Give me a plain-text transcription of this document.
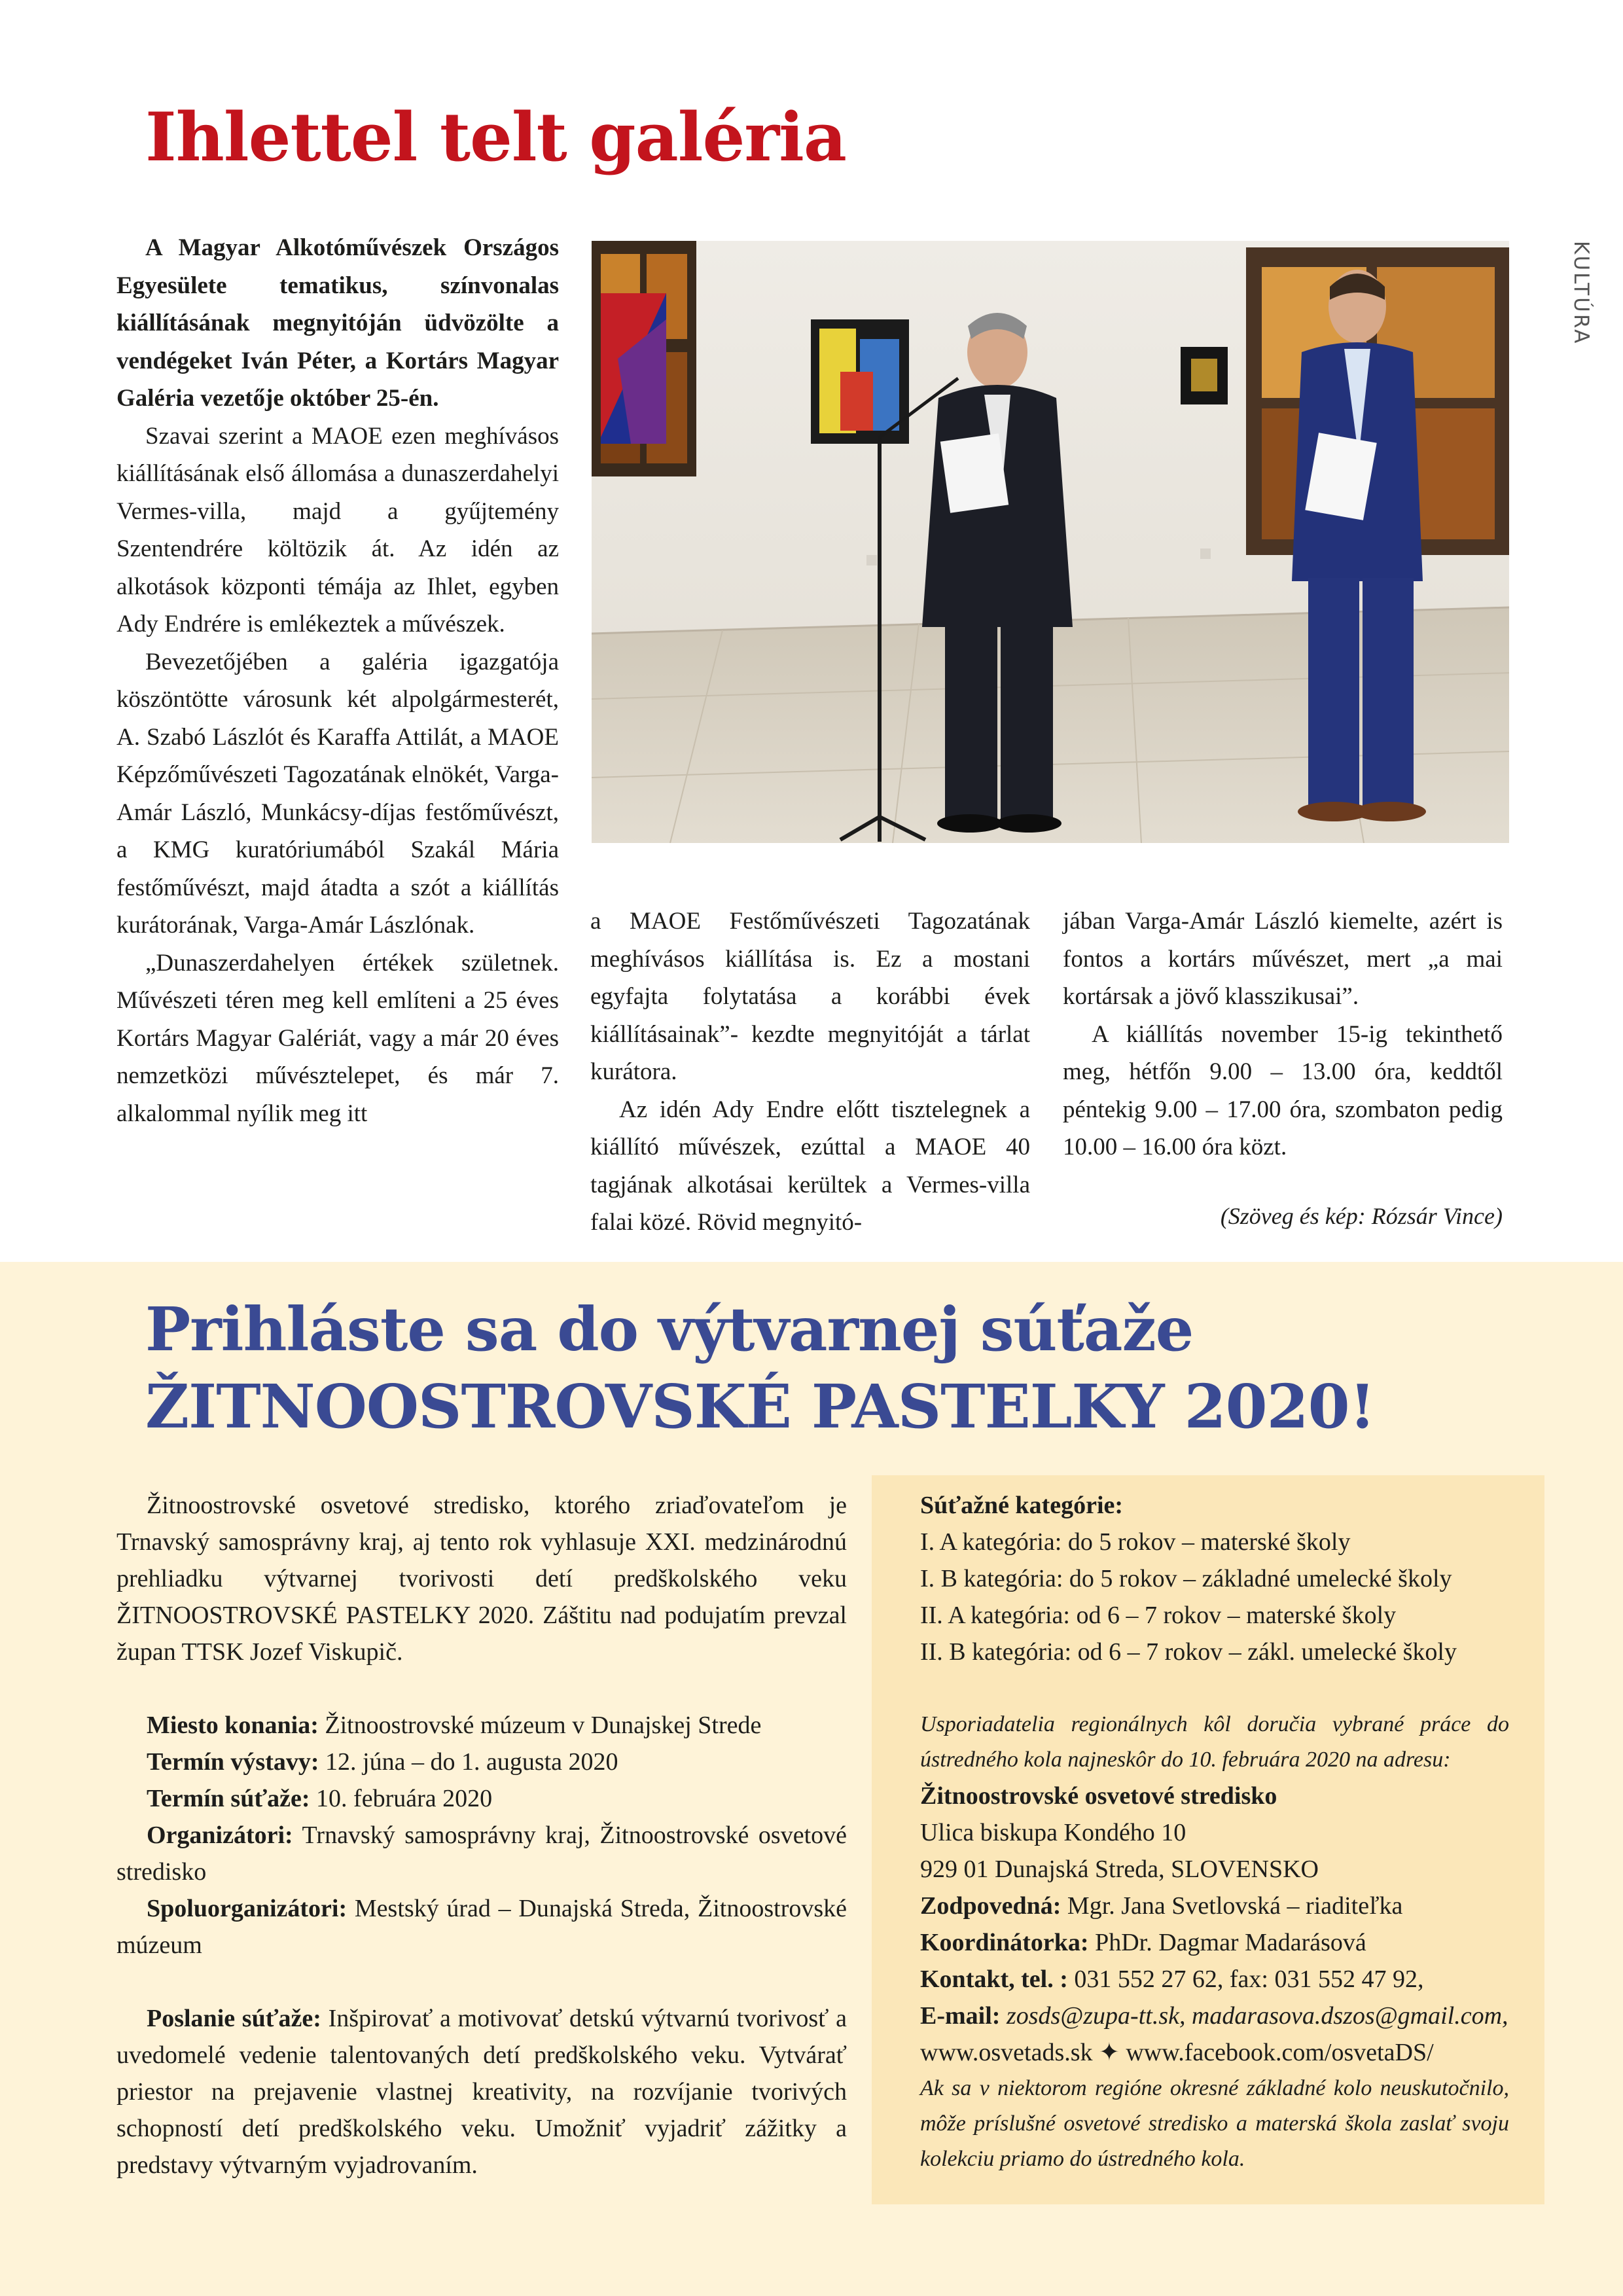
Ihlettel telt galéria
KULTÚRA

A Magyar Alkotóművészek Országos Egyesülete tematikus, színvonalas kiállításának megnyitóján üdvözölte a vendégeket Iván Péter, a Kortárs Magyar Galéria vezetője október 25-én.

Szavai szerint a MAOE ezen meghívásos kiállításának első állomása a dunaszerdahelyi Vermes-villa, majd a gyűjtemény Szentendrére költözik át. Az idén az alkotások központi témája az Ihlet, egyben Ady Endrére is emlékeztek a művészek.

Bevezetőjében a galéria igazgatója köszöntötte városunk két alpolgármesterét, A. Szabó Lászlót és Karaffa Attilát, a MAOE Képzőművészeti Tagozatának elnökét, Varga-Amár László, Munkácsy-díjas festőművészt, a KMG kuratóriumából Szakál Mária festőművészt, majd átadta a szót a kiállítás kurátorának, Varga-Amár Lászlónak.

„Dunaszerdahelyen értékek születnek. Művészeti téren meg kell említeni a 25 éves Kortárs Magyar Galériát, vagy a már 20 éves nemzetközi művésztelepet, és már 7. alkalommal nyílik meg itt

a MAOE Festőművészeti Tagozatának meghívásos kiállítása is. Ez a mostani egyfajta folytatása a korábbi évek kiállításainak”- kezdte megnyitóját a tárlat kurátora.

Az idén Ady Endre előtt tisztelegnek a kiállító művészek, ezúttal a MAOE 40 tagjának alkotásai kerültek a Vermes-villa falai közé. Rövid megnyitó-

jában Varga-Amár László kiemelte, azért is fontos a kortárs művészet, mert „a mai kortársak a jövő klasszikusai”.

A kiállítás november 15-ig tekinthető meg, hétfőn 9.00 – 13.00 óra, keddtől péntekig 9.00 – 17.00 óra, szombaton pedig 10.00 – 16.00 óra közt.

(Szöveg és kép: Rózsár Vince)
Prihláste sa do výtvarnej súťaže
ŽITNOOSTROVSKÉ PASTELKY 2020!

Žitnoostrovské osvetové stredisko, ktorého zriaďovateľom je Trnavský samosprávny kraj, aj tento rok vyhlasuje XXI. medzinárodnú prehliadku výtvarnej tvorivosti detí predškolského veku ŽITNOOSTROVSKÉ PASTELKY 2020. Záštitu nad podujatím prevzal župan TTSK Jozef Viskupič.

Miesto konania: Žitnoostrovské múzeum v Dunajskej Strede

Termín výstavy: 12. júna – do 1. augusta 2020

Termín súťaže: 10. februára 2020

Organizátori: Trnavský samosprávny kraj, Žitnoostrovské osvetové stredisko

Spoluorganizátori: Mestský úrad – Dunajská Streda, Žitnoostrovské múzeum

Poslanie súťaže: Inšpirovať a motivovať detskú výtvarnú tvorivosť a uvedomelé vedenie talentovaných detí predškolského veku. Vytvárať priestor na prejavenie vlastnej kreativity, na rozvíjanie tvorivých schopností detí predškolského veku. Umožniť vyjadriť zážitky a predstavy výtvarným vyjadrovaním.

Súťažné kategórie:

I. A kategória: do 5 rokov – materské školy

I. B kategória: do 5 rokov – základné umelecké školy

II. A kategória: od 6 – 7 rokov – materské školy

II. B kategória: od 6 – 7 rokov – zákl. umelecké školy

Usporiadatelia regionálnych kôl doručia vybrané práce do ústredného kola najneskôr do 10. februára 2020 na adresu:

Žitnoostrovské osvetové stredisko

Ulica biskupa Kondého 10

929 01 Dunajská Streda, SLOVENSKO

Zodpovedná: Mgr. Jana Svetlovská – riaditeľka

Koordinátorka: PhDr. Dagmar Madarásová

Kontakt, tel. : 031 552 27 62, fax: 031 552 47 92,

E-mail: zosds@zupa-tt.sk, madarasova.dszos@gmail.com,

www.osvetads.sk ✦ www.facebook.com/osvetaDS/

Ak sa v niektorom regióne okresné základné kolo neuskutočnilo, môže príslušné osvetové stredisko a materská škola zaslať svoju kolekciu priamo do ústredného kola.
